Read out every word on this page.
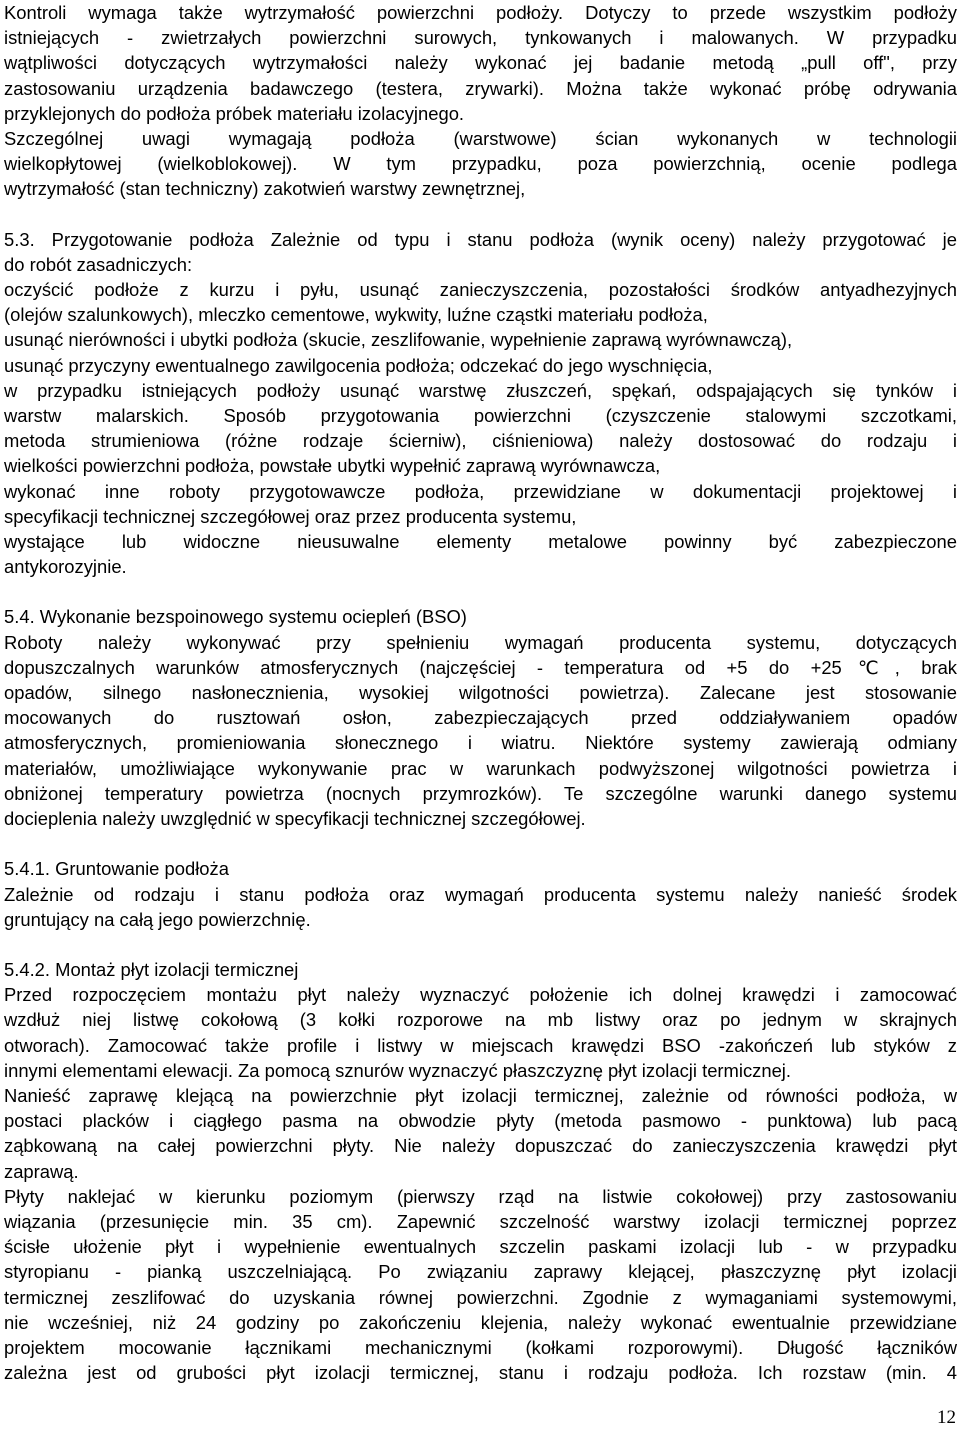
Kontroli wymaga także wytrzymałość powierzchni podłoży. Dotyczy to przede wszystkim podłoży
istniejących - zwietrzałych powierzchni surowych, tynkowanych i malowanych. W przypadku
wątpliwości dotyczących wytrzymałości należy wykonać jej badanie metodą „pull off", przy
zastosowaniu urządzenia badawczego (testera, zrywarki). Można także wykonać próbę odrywania
przyklejonych do podłoża próbek materiału izolacyjnego.
Szczególnej uwagi wymagają podłoża (warstwowe) ścian wykonanych w technologii
wielkopłytowej (wielkoblokowej). W tym przypadku, poza powierzchnią, ocenie podlega
wytrzymałość (stan techniczny) zakotwień warstwy zewnętrznej,
5.3. Przygotowanie podłoża Zależnie od typu i stanu podłoża (wynik oceny) należy przygotować je
do robót zasadniczych:
oczyścić podłoże z kurzu i pyłu, usunąć zanieczyszczenia, pozostałości środków antyadhezyjnych
(olejów szalunkowych), mleczko cementowe, wykwity, luźne cząstki materiału podłoża,
usunąć nierówności i ubytki podłoża (skucie, zeszlifowanie, wypełnienie zaprawą wyrównawczą),
usunąć przyczyny ewentualnego zawilgocenia podłoża; odczekać do jego wyschnięcia,
w przypadku istniejących podłoży usunąć warstwę złuszczeń, spękań, odspajających się tynków i
warstw malarskich. Sposób przygotowania powierzchni (czyszczenie stalowymi szczotkami,
metoda strumieniowa (różne rodzaje ścierniw), ciśnieniowa) należy dostosować do rodzaju i
wielkości powierzchni podłoża, powstałe ubytki wypełnić zaprawą wyrównawcza,
wykonać inne roboty przygotowawcze podłoża, przewidziane w dokumentacji projektowej i
specyfikacji technicznej szczegółowej oraz przez producenta systemu,
wystające lub widoczne nieusuwalne elementy metalowe powinny być zabezpieczone
antykorozyjnie.
5.4. Wykonanie bezspoinowego systemu ociepleń (BSO)
Roboty należy wykonywać przy spełnieniu wymagań producenta systemu, dotyczących
dopuszczalnych warunków atmosferycznych (najczęściej - temperatura od +5 do +25℃, brak
opadów, silnego nasłonecznienia, wysokiej wilgotności powietrza). Zalecane jest stosowanie
mocowanych do rusztowań osłon, zabezpieczających przed oddziaływaniem opadów
atmosferycznych, promieniowania słonecznego i wiatru. Niektóre systemy zawierają odmiany
materiałów, umożliwiające wykonywanie prac w warunkach podwyższonej wilgotności powietrza i
obniżonej temperatury powietrza (nocnych przymrozków). Te szczególne warunki danego systemu
docieplenia należy uwzględnić w specyfikacji technicznej szczegółowej.
5.4.1. Gruntowanie podłoża
Zależnie od rodzaju i stanu podłoża oraz wymagań producenta systemu należy nanieść środek
gruntujący na całą jego powierzchnię.
5.4.2. Montaż płyt izolacji termicznej
Przed rozpoczęciem montażu płyt należy wyznaczyć położenie ich dolnej krawędzi i zamocować
wzdłuż niej listwę cokołową (3 kołki rozporowe na mb listwy oraz po jednym w skrajnych
otworach). Zamocować także profile i listwy w miejscach krawędzi BSO -zakończeń lub styków z
innymi elementami elewacji. Za pomocą sznurów wyznaczyć płaszczyznę płyt izolacji termicznej.
Nanieść zaprawę klejącą na powierzchnie płyt izolacji termicznej, zależnie od równości podłoża, w
postaci placków i ciągłego pasma na obwodzie płyty (metoda pasmowo - punktowa) lub pacą
ząbkowaną na całej powierzchni płyty. Nie należy dopuszczać do zanieczyszczenia krawędzi płyt
zaprawą.
Płyty naklejać w kierunku poziomym (pierwszy rząd na listwie cokołowej) przy zastosowaniu
wiązania (przesunięcie min. 35 cm). Zapewnić szczelność warstwy izolacji termicznej poprzez
ścisłe ułożenie płyt i wypełnienie ewentualnych szczelin paskami izolacji lub - w przypadku
styropianu - pianką uszczelniającą. Po związaniu zaprawy klejącej, płaszczyznę płyt izolacji
termicznej zeszlifować do uzyskania równej powierzchni. Zgodnie z wymaganiami systemowymi,
nie wcześniej, niż 24 godziny po zakończeniu klejenia, należy wykonać ewentualnie przewidziane
projektem mocowanie łącznikami mechanicznymi (kołkami rozporowymi). Długość łączników
zależna jest od grubości płyt izolacji termicznej, stanu i rodzaju podłoża. Ich rozstaw (min. 4
12
